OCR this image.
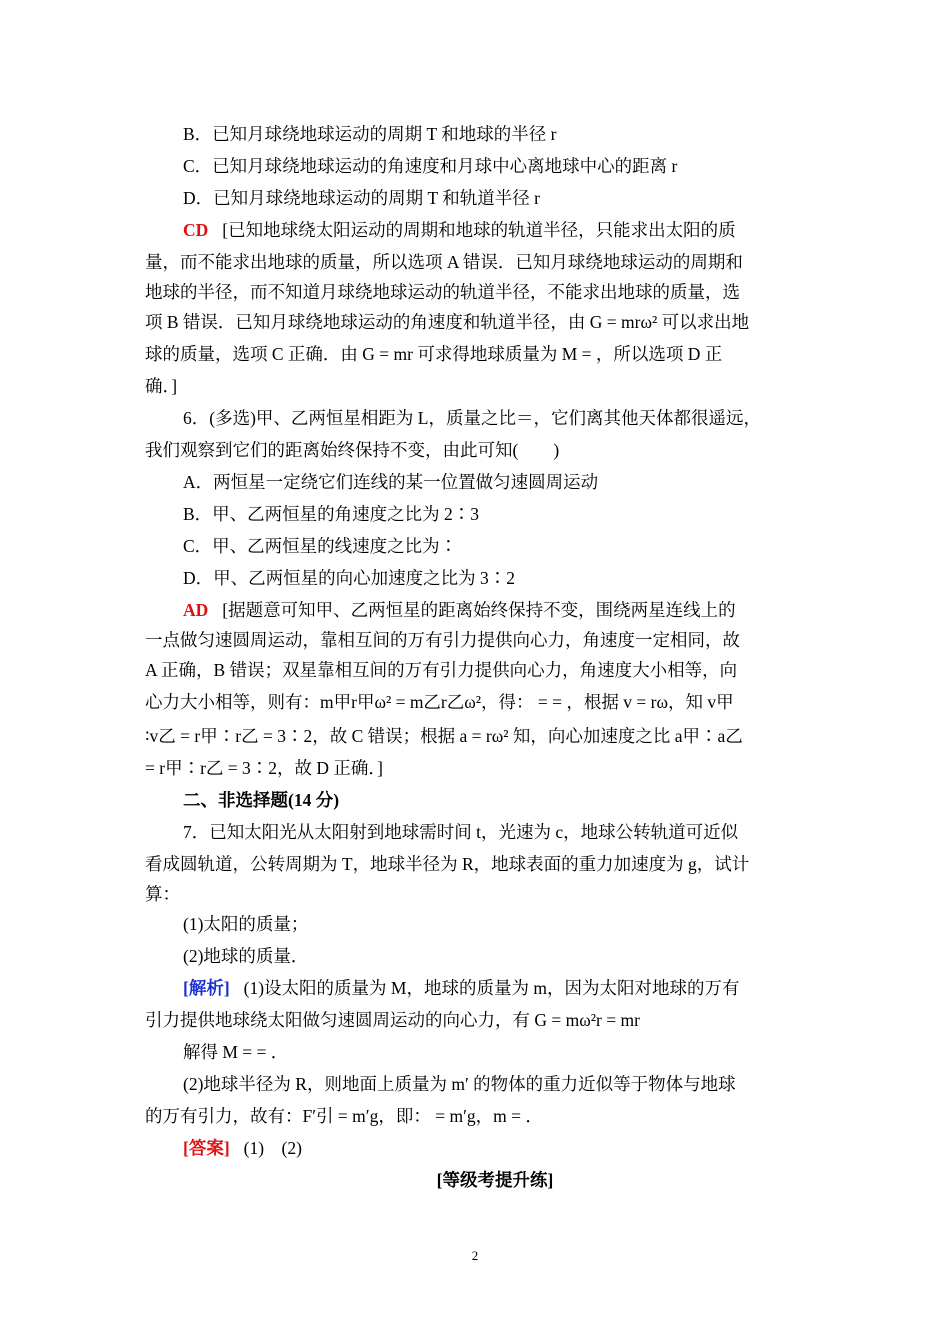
B．已知月球绕地球运动的周期 T 和地球的半径 r
C．已知月球绕地球运动的角速度和月球中心离地球中心的距离 r
D．已知月球绕地球运动的周期 T 和轨道半径 r
CD [已知地球绕太阳运动的周期和地球的轨道半径，只能求出太阳的质
量，而不能求出地球的质量，所以选项 A 错误．已知月球绕地球运动的周期和
地球的半径，而不知道月球绕地球运动的轨道半径，不能求出地球的质量，选
项 B 错误．已知月球绕地球运动的角速度和轨道半径，由 G = mrω² 可以求出地
球的质量，选项 C 正确．由 G = mr 可求得地球质量为 M = ，所以选项 D 正
确．]
6．(多选)甲、乙两恒星相距为 L，质量之比＝，它们离其他天体都很遥远，
我们观察到它们的距离始终保持不变，由此可知(　　)
A．两恒星一定绕它们连线的某一位置做匀速圆周运动
B．甲、乙两恒星的角速度之比为 2∶3
C．甲、乙两恒星的线速度之比为∶
D．甲、乙两恒星的向心加速度之比为 3∶2
AD [据题意可知甲、乙两恒星的距离始终保持不变，围绕两星连线上的
一点做匀速圆周运动，靠相互间的万有引力提供向心力，角速度一定相同，故
A 正确，B 错误；双星靠相互间的万有引力提供向心力，角速度大小相等，向
心力大小相等，则有：m甲r甲ω² = m乙r乙ω²，得： = = ，根据 v = rω，知 v甲
∶v乙 = r甲∶r乙 = 3∶2，故 C 错误；根据 a = rω² 知，向心加速度之比 a甲∶a乙
= r甲∶r乙 = 3∶2，故 D 正确．]
二、非选择题(14 分)
7．已知太阳光从太阳射到地球需时间 t，光速为 c，地球公转轨道可近似
看成圆轨道，公转周期为 T，地球半径为 R，地球表面的重力加速度为 g，试计
算：
(1)太阳的质量；
(2)地球的质量．
[解析] (1)设太阳的质量为 M，地球的质量为 m，因为太阳对地球的万有
引力提供地球绕太阳做匀速圆周运动的向心力，有 G = mω²r = mr
解得 M = = ．
(2)地球半径为 R，则地面上质量为 m′ 的物体的重力近似等于物体与地球
的万有引力，故有：F′引 = m′g，即： = m′g，m = ．
[答案] (1)　(2)
[等级考提升练]
2
